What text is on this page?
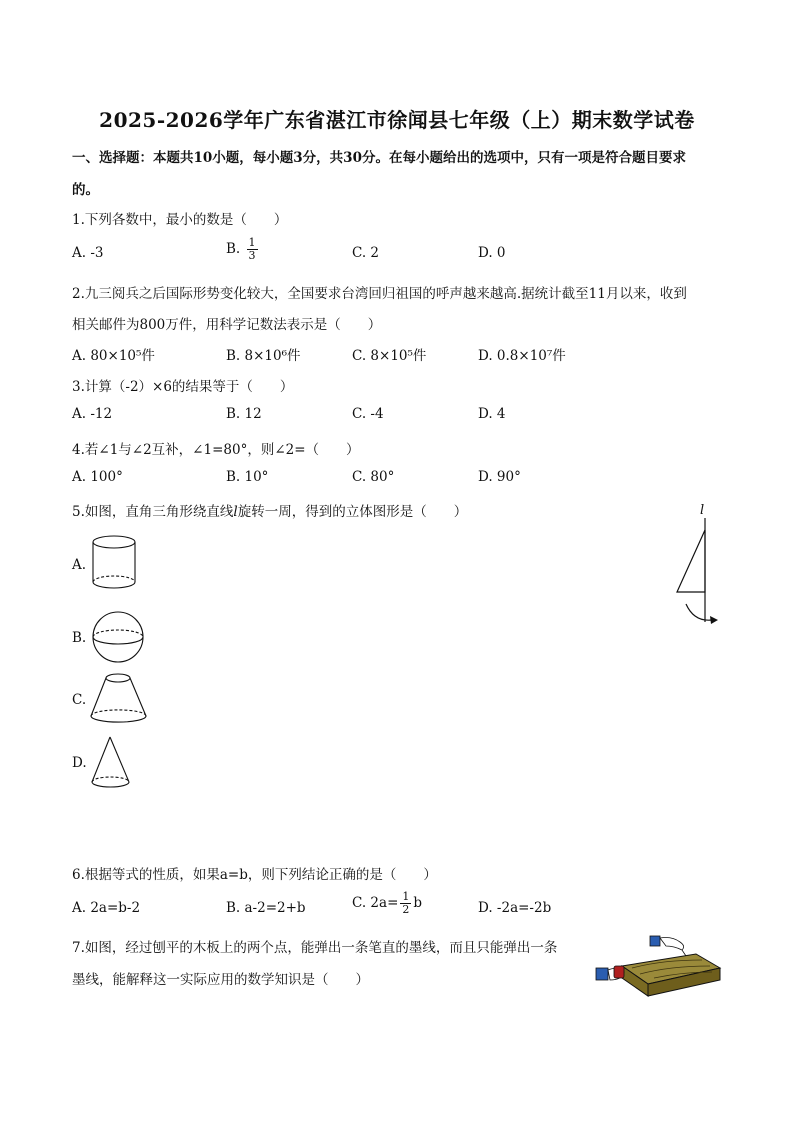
2025-2026学年广东省湛江市徐闻县七年级（上）期末数学试卷
一、选择题：本题共10小题，每小题3分，共30分。在每小题给出的选项中，只有一项是符合题目要求
的。
1.下列各数中，最小的数是（　　）
A. -3	B. $\frac{1}{3}$	C. 2	D. 0
2.九三阅兵之后国际形势变化较大，全国要求台湾回归祖国的呼声越来越高.据统计截至11月以来，收到
相关邮件为800万件，用科学记数法表示是（　　）
A. 80×10⁵件	B. 8×10⁶件	C. 8×10⁵件	D. 0.8×10⁷件
3.计算（-2）×6的结果等于（　　）
A. -12	B. 12	C. -4	D. 4
4.若∠1与∠2互补，∠1=80°，则∠2=（　　）
A. 100°	B. 10°	C. 80°	D. 90°
5.如图，直角三角形绕直线l旋转一周，得到的立体图形是（　　）	l
A.
B.
C.
D.
6.根据等式的性质，如果a=b，则下列结论正确的是（　　）
A. 2a=b-2	B. a-2=2+b	C. $2a= \frac{1}{2}$ b	D. -2a=-2b
7.如图，经过刨平的木板上的两个点，能弹出一条笔直的墨线，而且只能弹出一条
墨线，能解释这一实际应用的数学知识是（　　）
